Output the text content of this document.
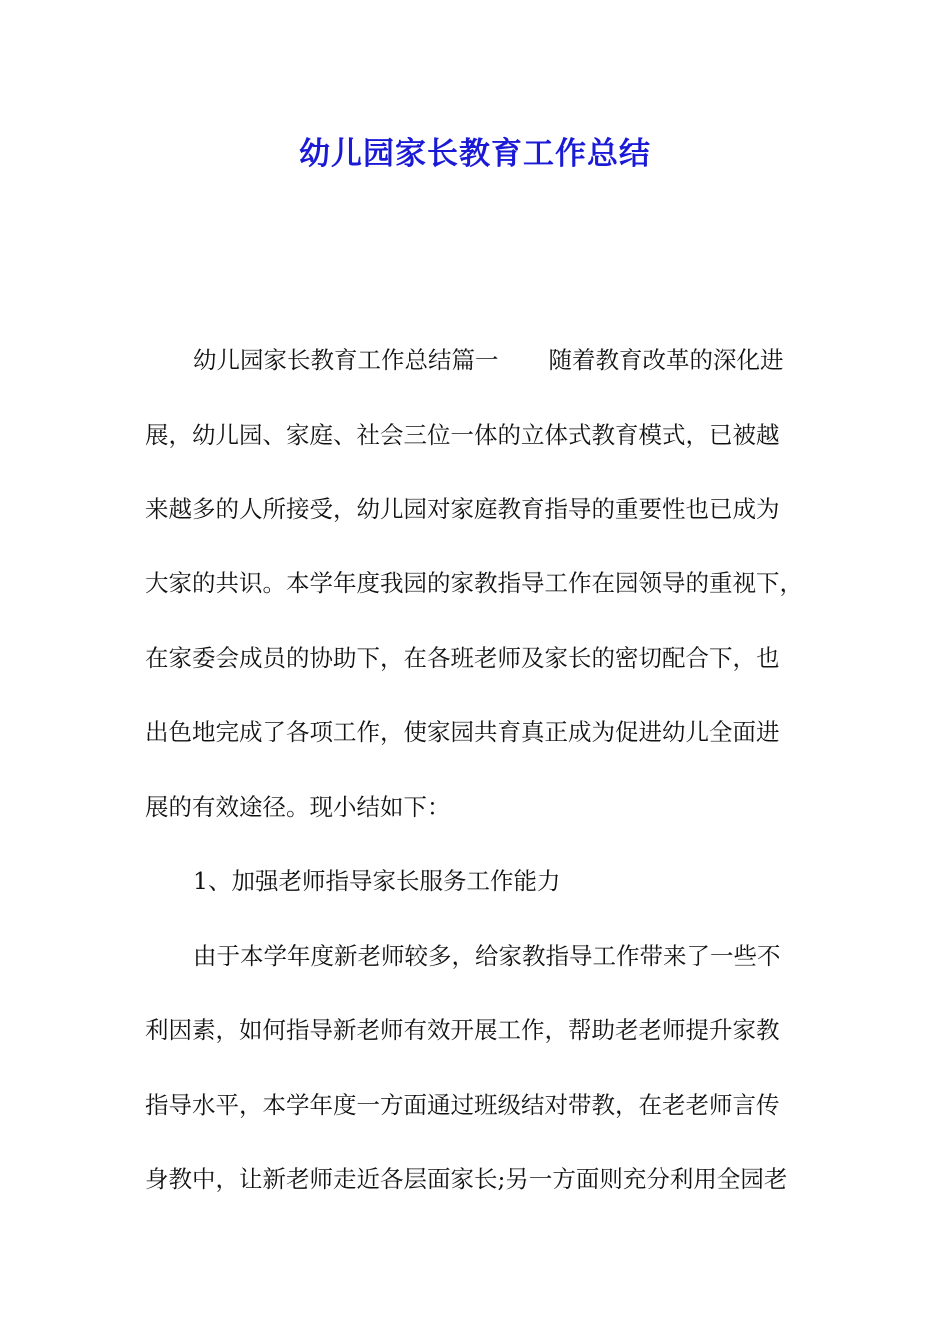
幼儿园家长教育工作总结
幼儿园家长教育工作总结篇一 随着教育改革的深化进
展，幼儿园、家庭、社会三位一体的立体式教育模式，已被越
来越多的人所接受，幼儿园对家庭教育指导的重要性也已成为
大家的共识。本学年度我园的家教指导工作在园领导的重视下，
在家委会成员的协助下，在各班老师及家长的密切配合下，也
出色地完成了各项工作，使家园共育真正成为促进幼儿全面进
展的有效途径。现小结如下：
1、加强老师指导家长服务工作能力
由于本学年度新老师较多，给家教指导工作带来了一些不
利因素，如何指导新老师有效开展工作，帮助老老师提升家教
指导水平，本学年度一方面通过班级结对带教，在老老师言传
身教中，让新老师走近各层面家长;另一方面则充分利用全园老
